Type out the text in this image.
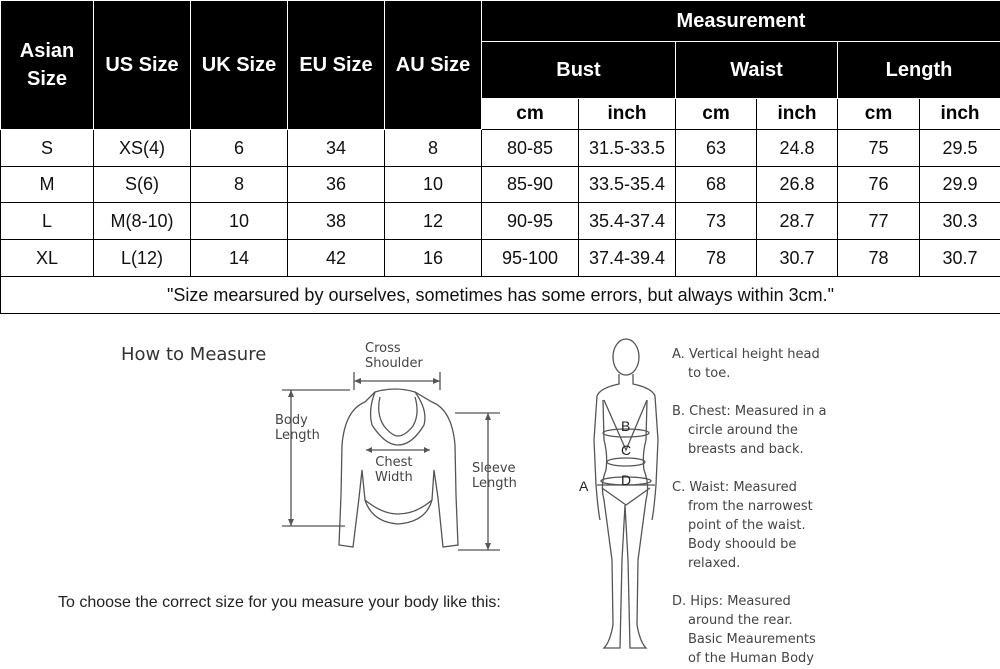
Asian Size	US Size	UK Size	EU Size	AU Size	Measurement					
					Bust		Waist		Length	
					cm	inch	cm	inch	cm	inch
S	XS(4)	6	34	8	80-85	31.5-33.5	63	24.8	75	29.5
M	S(6)	8	36	10	85-90	33.5-35.4	68	26.8	76	29.9
L	M(8-10)	10	38	12	90-95	35.4-37.4	73	28.7	77	30.3
XL	L(12)	14	42	16	95-100	37.4-39.4	78	30.7	78	30.7
"Size mearsured by ourselves, sometimes has some errors, but always within 3cm."										
How to Measure	Cross
Shoulder
Body
Length
Chest
Width
Sleeve
Length
To choose the correct size for you measure your body like this:
A
B
C
D
A. Vertical height head
to toe.
B. Chest: Measured in a
circle around the
breasts and back.
C. Waist: Measured
from the narrowest
point of the waist.
Body shoould be
relaxed.
D. Hips: Measured
around the rear.
Basic Meaurements
of the Human Body
